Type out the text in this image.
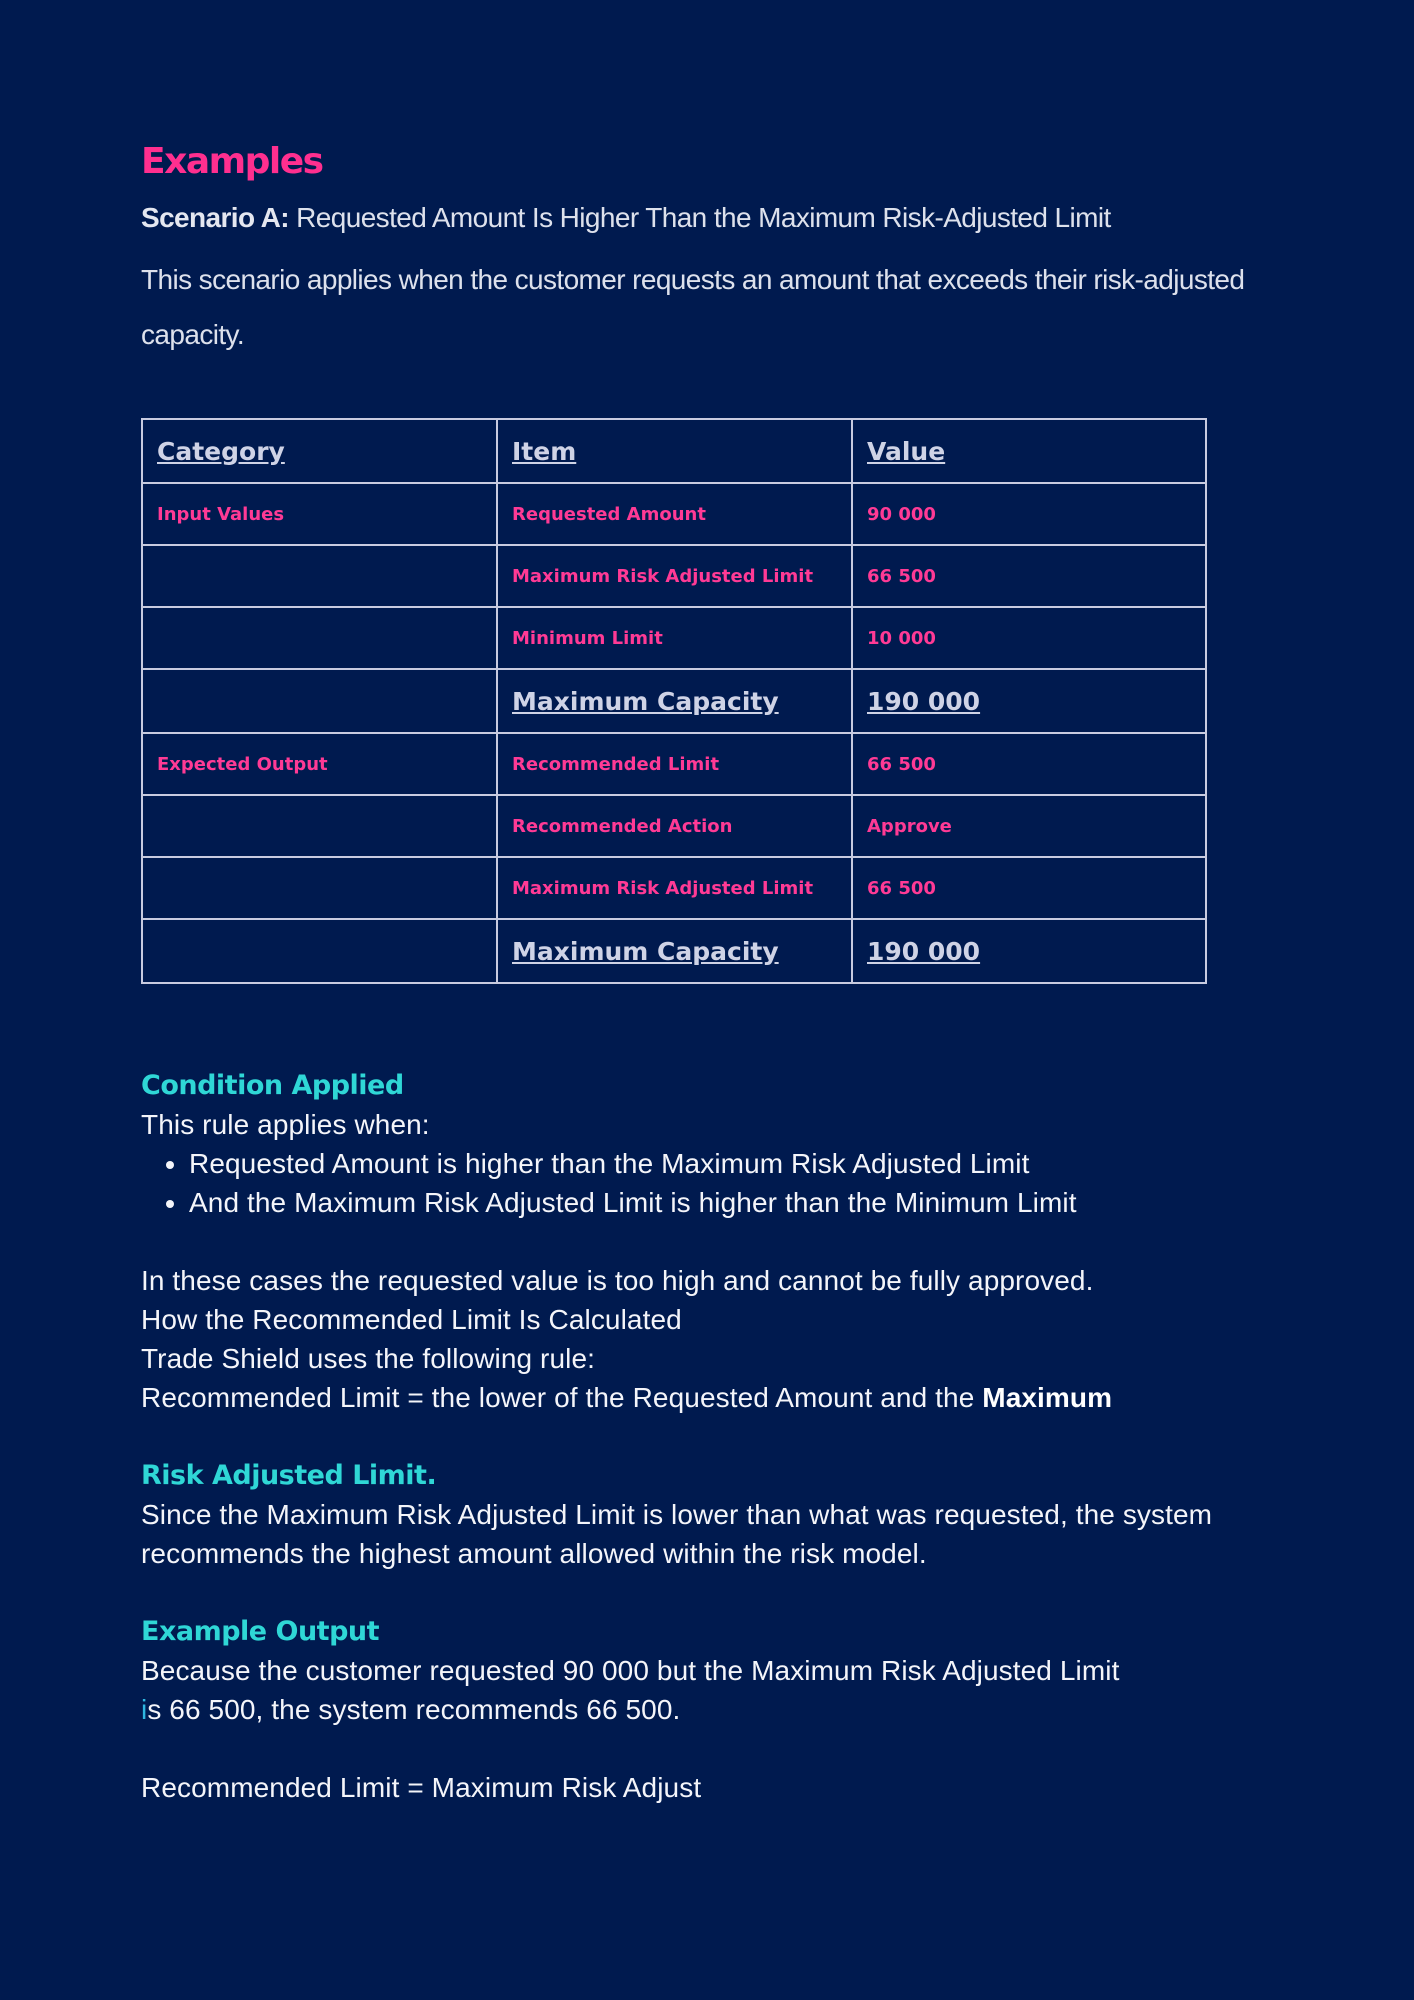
Examples
Scenario A: Requested Amount Is Higher Than the Maximum Risk-Adjusted Limit
This scenario applies when the customer requests an amount that exceeds their risk-adjusted capacity.
Category	Item	Value
Input Values	Requested Amount	90 000
	Maximum Risk Adjusted Limit	66 500
	Minimum Limit	10 000
	Maximum Capacity	190 000
Expected Output	Recommended Limit	66 500
	Recommended Action	Approve
	Maximum Risk Adjusted Limit	66 500
	Maximum Capacity	190 000
Condition Applied
This rule applies when:
• Requested Amount is higher than the Maximum Risk Adjusted Limit
• And the Maximum Risk Adjusted Limit is higher than the Minimum Limit
In these cases the requested value is too high and cannot be fully approved.
How the Recommended Limit Is Calculated
Trade Shield uses the following rule:
Recommended Limit = the lower of the Requested Amount and the Maximum
Risk Adjusted Limit.
Since the Maximum Risk Adjusted Limit is lower than what was requested, the system recommends the highest amount allowed within the risk model.
Example Output
Because the customer requested 90 000 but the Maximum Risk Adjusted Limit
is 66 500, the system recommends 66 500.
Recommended Limit = Maximum Risk Adjust
